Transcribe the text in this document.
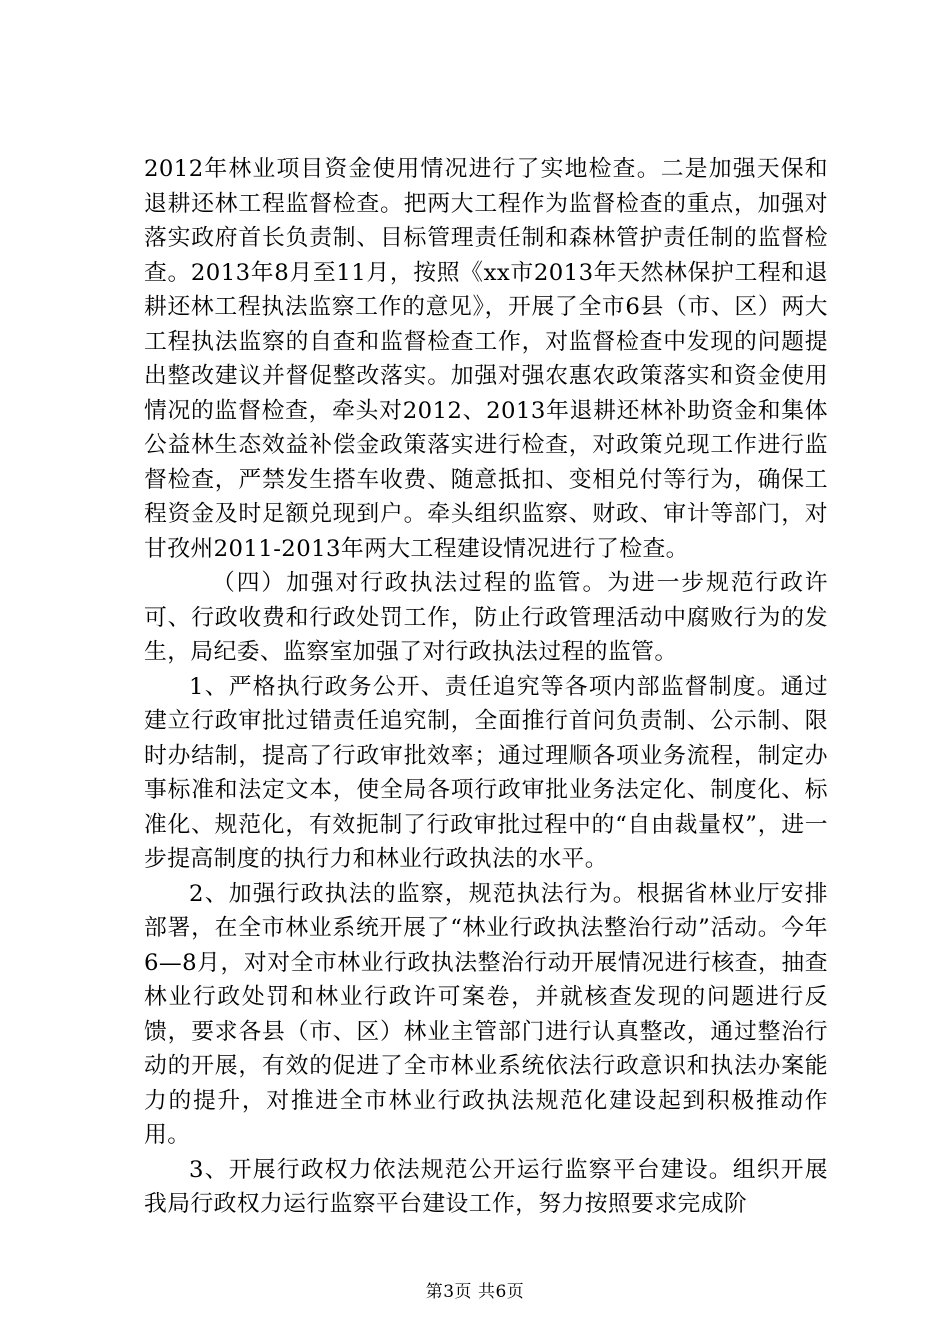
2012年林业项目资金使用情况进行了实地检查。二是加强天保和退耕还林工程监督检查。把两大工程作为监督检查的重点，加强对落实政府首长负责制、目标管理责任制和森林管护责任制的监督检查。2013年8月至11月，按照《xx市2013年天然林保护工程和退耕还林工程执法监察工作的意见》，开展了全市6县（市、区）两大工程执法监察的自查和监督检查工作，对监督检查中发现的问题提出整改建议并督促整改落实。加强对强农惠农政策落实和资金使用情况的监督检查，牵头对2012、2013年退耕还林补助资金和集体公益林生态效益补偿金政策落实进行检查，对政策兑现工作进行监督检查，严禁发生搭车收费、随意抵扣、变相兑付等行为，确保工程资金及时足额兑现到户。牵头组织监察、财政、审计等部门，对甘孜州2011-2013年两大工程建设情况进行了检查。

（四）加强对行政执法过程的监管。为进一步规范行政许可、行政收费和行政处罚工作，防止行政管理活动中腐败行为的发生，局纪委、监察室加强了对行政执法过程的监管。

1、严格执行政务公开、责任追究等各项内部监督制度。通过建立行政审批过错责任追究制，全面推行首问负责制、公示制、限时办结制，提高了行政审批效率；通过理顺各项业务流程，制定办事标准和法定文本，使全局各项行政审批业务法定化、制度化、标准化、规范化，有效扼制了行政审批过程中的“自由裁量权”，进一步提高制度的执行力和林业行政执法的水平。

2、加强行政执法的监察，规范执法行为。根据省林业厅安排部署，在全市林业系统开展了“林业行政执法整治行动”活动。今年6—8月，对对全市林业行政执法整治行动开展情况进行核查，抽查林业行政处罚和林业行政许可案卷，并就核查发现的问题进行反馈，要求各县（市、区）林业主管部门进行认真整改，通过整治行动的开展，有效的促进了全市林业系统依法行政意识和执法办案能力的提升，对推进全市林业行政执法规范化建设起到积极推动作用。

3、开展行政权力依法规范公开运行监察平台建设。组织开展我局行政权力运行监察平台建设工作，努力按照要求完成阶

第3页 共6页
